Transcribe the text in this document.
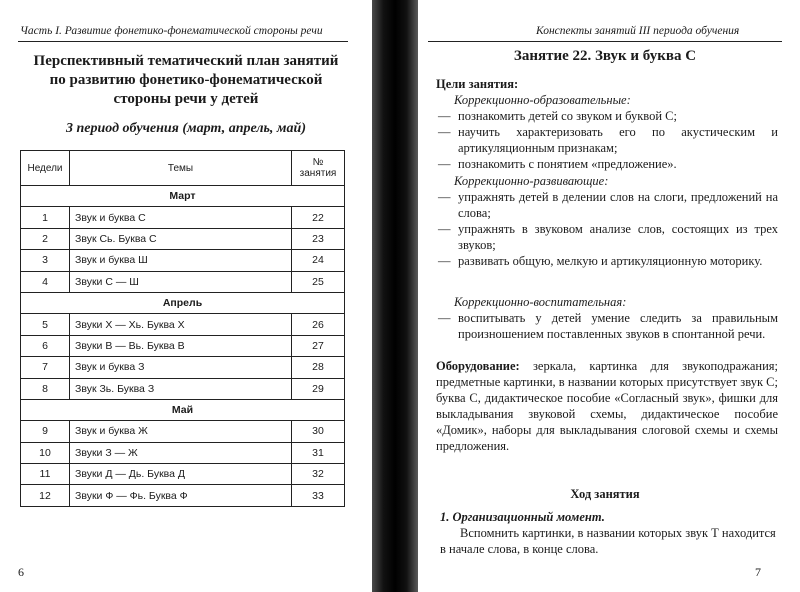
Часть I. Развитие фонетико-фонематической стороны речи
Перспективный тематический план занятий
по развитию фонетико-фонематической
стороны речи у детей
3 период обучения (март, апрель, май)
Недели	Темы	№ занятия
Март		
1	Звук и буква С	22
2	Звук Сь. Буква С	23
3	Звук и буква Ш	24
4	Звуки С — Ш	25
Апрель		
5	Звуки Х — Хь. Буква Х	26
6	Звуки В — Вь. Буква В	27
7	Звук и буква З	28
8	Звук Зь. Буква З	29
Май		
9	Звук и буква Ж	30
10	Звуки З — Ж	31
11	Звуки Д — Дь. Буква Д	32
12	Звуки Ф — Фь. Буква Ф	33
6
Конспекты занятий III периода обучения
Занятие 22. Звук и буква С
Цели занятия:
Коррекционно-образовательные:
— познакомить детей со звуком и буквой С;
— научить характеризовать его по акустическим и артикуляционным признакам;
— познакомить с понятием «предложение».
Коррекционно-развивающие:
— упражнять детей в делении слов на слоги, предложений на слова;
— упражнять в звуковом анализе слов, состоящих из трех звуков;
— развивать общую, мелкую и артикуляционную моторику.
Коррекционно-воспитательная:
— воспитывать у детей умение следить за правильным произношением поставленных звуков в спонтанной речи.
Оборудование: зеркала, картинка для звукоподражания; предметные картинки, в названии которых присутствует звук С; буква С, дидактическое пособие «Согласный звук», фишки для выкладывания звуковой схемы, дидактическое пособие «Домик», наборы для выкладывания слоговой схемы и схемы предложения.
Ход занятия
1. Организационный момент.

Вспомнить картинки, в названии которых звук Т находится в начале слова, в конце слова.

7
